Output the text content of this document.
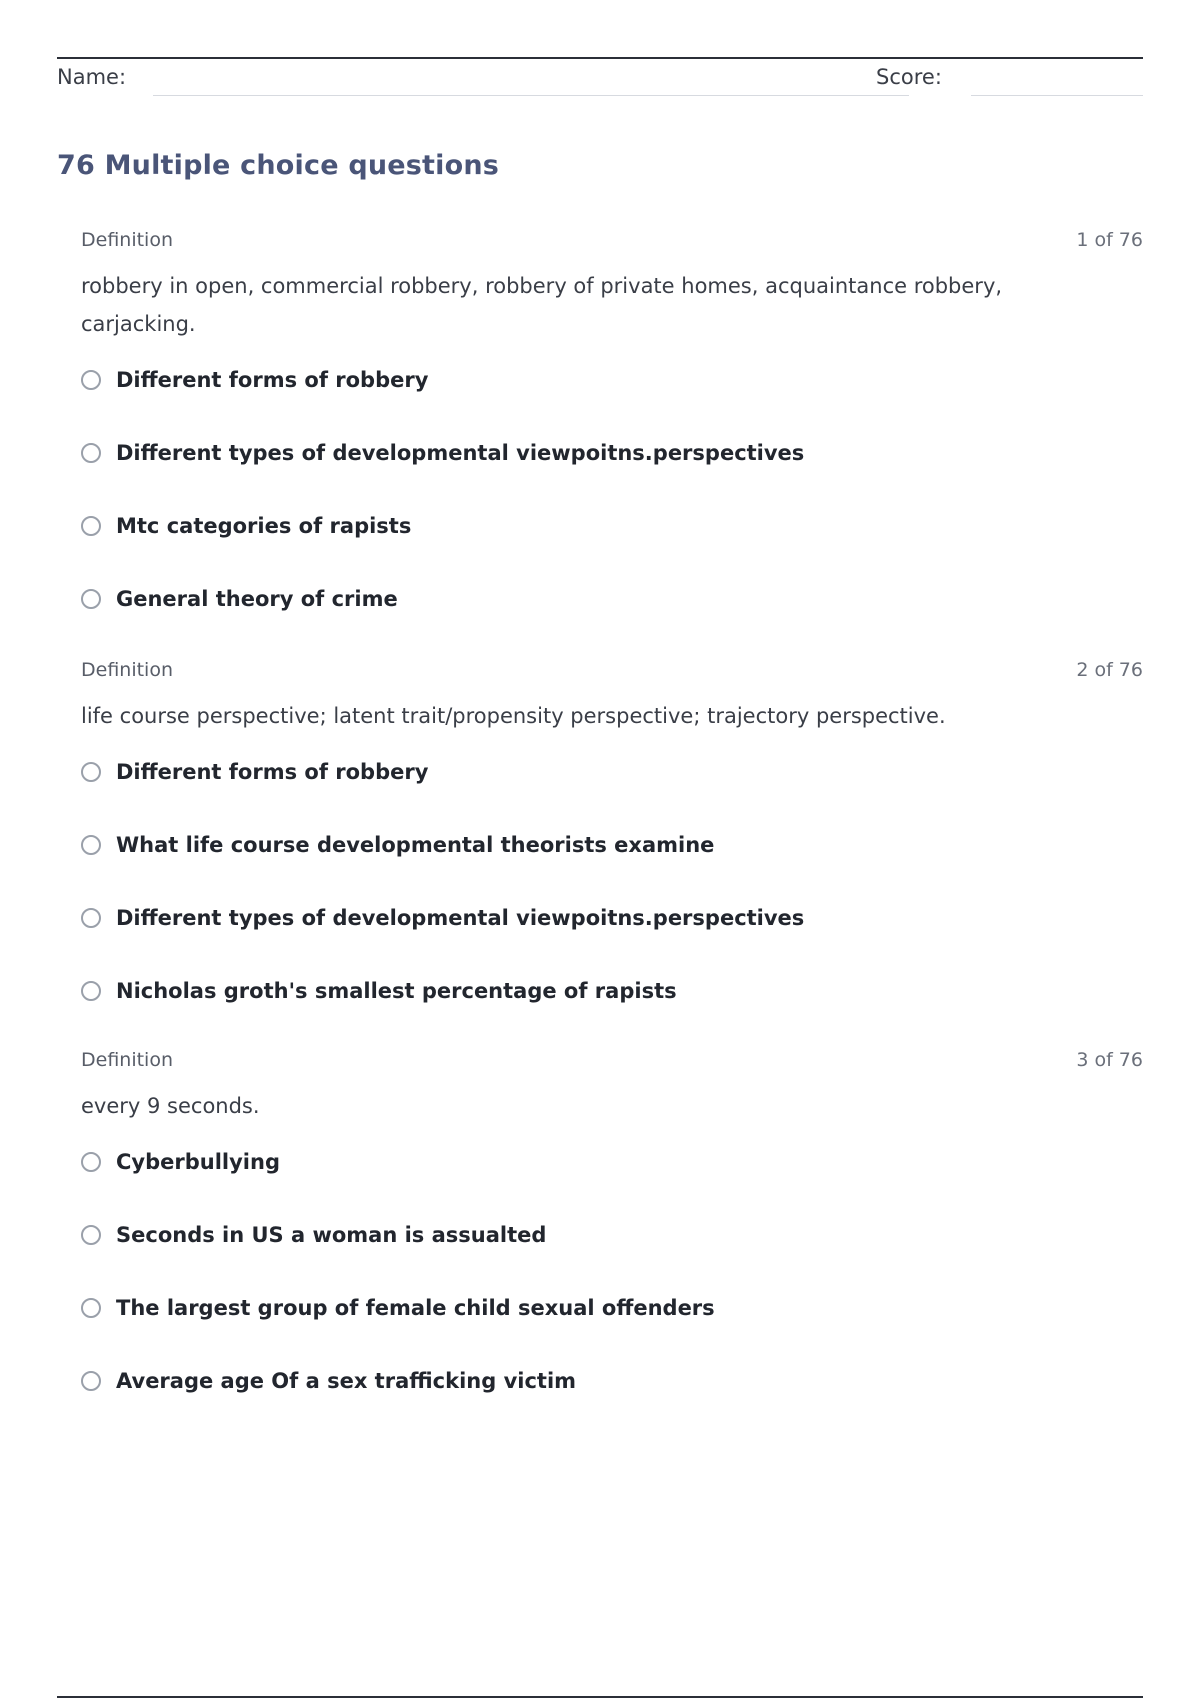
Name:	Score:
76 Multiple choice questions
Definition	1 of 76

robbery in open, commercial robbery, robbery of private homes, acquaintance robbery, carjacking.

Different forms of robbery
Different types of developmental viewpoitns.perspectives
Mtc categories of rapists
General theory of crime
Definition	2 of 76

life course perspective; latent trait/propensity perspective; trajectory perspective.

Different forms of robbery
What life course developmental theorists examine
Different types of developmental viewpoitns.perspectives
Nicholas groth's smallest percentage of rapists
Definition	3 of 76

every 9 seconds.

Cyberbullying
Seconds in US a woman is assualted
The largest group of female child sexual offenders
Average age Of a sex trafficking victim
